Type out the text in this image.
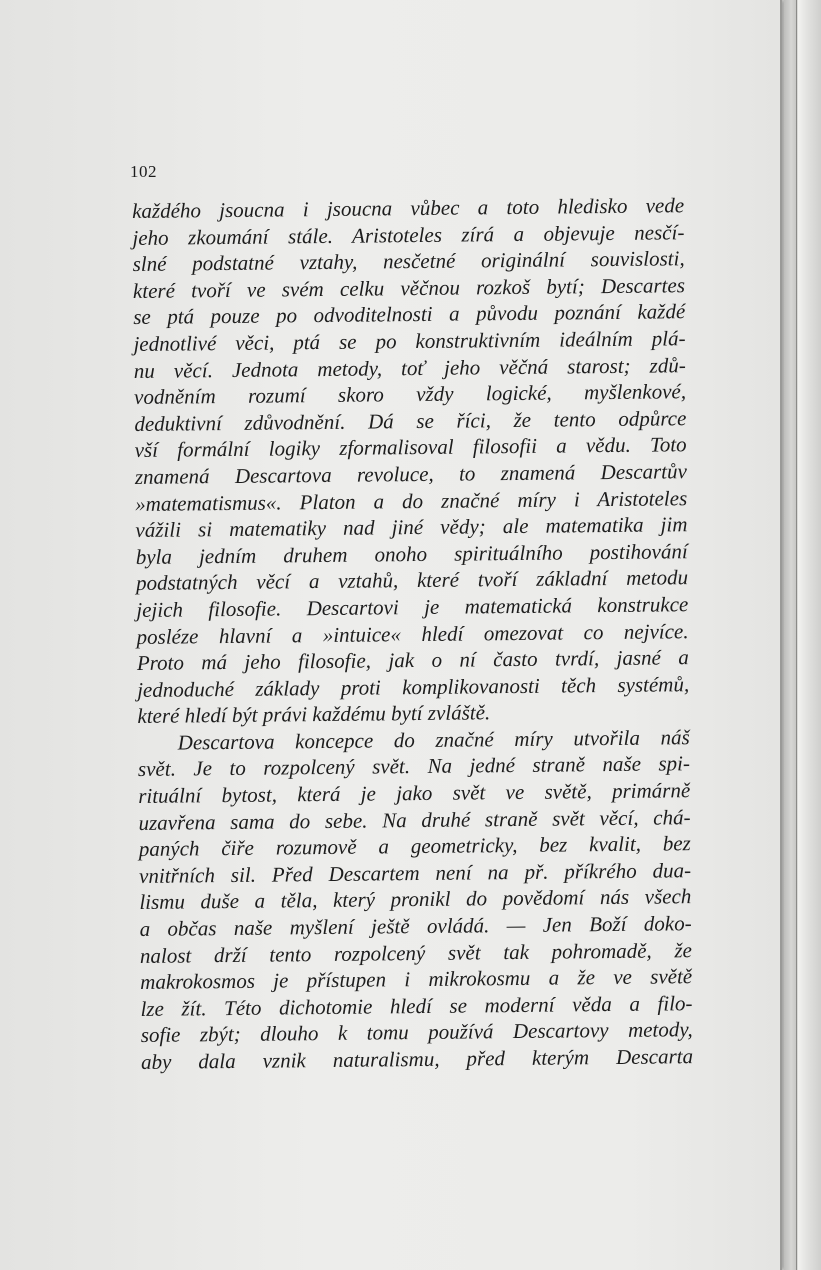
102
každého jsoucna i jsoucna vůbec a toto hledisko vede
jeho zkoumání stále. Aristoteles zírá a objevuje nesčí-
slné podstatné vztahy, nesčetné originální souvislosti,
které tvoří ve svém celku věčnou rozkoš bytí; Descartes
se ptá pouze po odvoditelnosti a původu poznání každé
jednotlivé věci, ptá se po konstruktivním ideálním plá-
nu věcí. Jednota metody, toť jeho věčná starost; zdů-
vodněním rozumí skoro vždy logické, myšlenkové,
deduktivní zdůvodnění. Dá se říci, že tento odpůrce
vší formální logiky zformalisoval filosofii a vědu. Toto
znamená Descartova revoluce, to znamená Descartův
»matematismus«. Platon a do značné míry i Aristoteles
vážili si matematiky nad jiné vědy; ale matematika jim
byla jedním druhem onoho spirituálního postihování
podstatných věcí a vztahů, které tvoří základní metodu
jejich filosofie. Descartovi je matematická konstrukce
posléze hlavní a »intuice« hledí omezovat co nejvíce.
Proto má jeho filosofie, jak o ní často tvrdí, jasné a
jednoduché základy proti komplikovanosti těch systémů,
které hledí být právi každému bytí zvláště.
Descartova koncepce do značné míry utvořila náš
svět. Je to rozpolcený svět. Na jedné straně naše spi-
rituální bytost, která je jako svět ve světě, primárně
uzavřena sama do sebe. Na druhé straně svět věcí, chá-
paných čiře rozumově a geometricky, bez kvalit, bez
vnitřních sil. Před Descartem není na př. příkrého dua-
lismu duše a těla, který pronikl do povědomí nás všech
a občas naše myšlení ještě ovládá. — Jen Boží doko-
nalost drží tento rozpolcený svět tak pohromadě, že
makrokosmos je přístupen i mikrokosmu a že ve světě
lze žít. Této dichotomie hledí se moderní věda a filo-
sofie zbýt; dlouho k tomu používá Descartovy metody,
aby dala vznik naturalismu, před kterým Descarta
